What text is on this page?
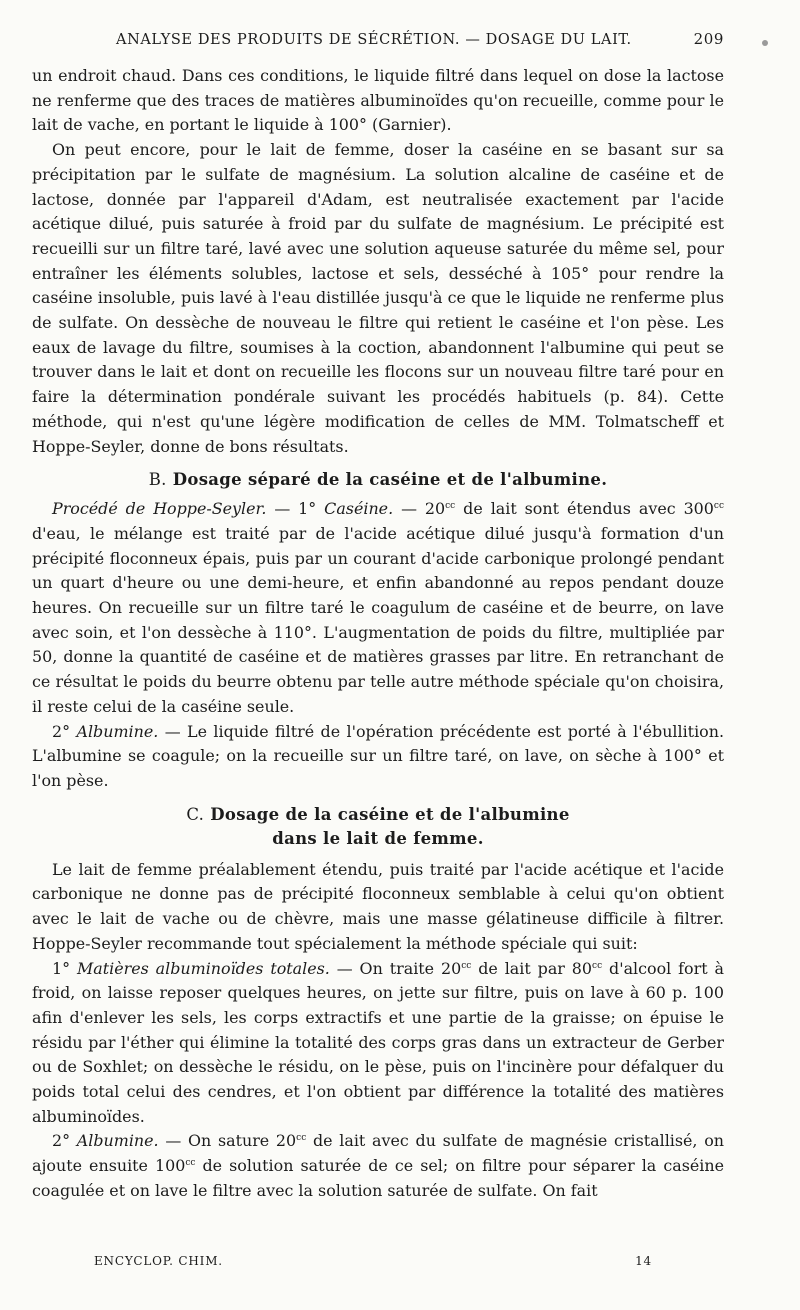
ANALYSE DES PRODUITS DE SÉCRÉTION. — DOSAGE DU LAIT.	209

un endroit chaud. Dans ces conditions, le liquide filtré dans lequel on dose la lactose ne renferme que des traces de matières albuminoïdes qu'on recueille, comme pour le lait de vache, en portant le liquide à 100° (Garnier).

On peut encore, pour le lait de femme, doser la caséine en se basant sur sa précipitation par le sulfate de magnésium. La solution alcaline de caséine et de lactose, donnée par l'appareil d'Adam, est neutralisée exactement par l'acide acétique dilué, puis saturée à froid par du sulfate de magnésium. Le précipité est recueilli sur un filtre taré, lavé avec une solution aqueuse saturée du même sel, pour entraîner les éléments solubles, lactose et sels, desséché à 105° pour rendre la caséine insoluble, puis lavé à l'eau distillée jusqu'à ce que le liquide ne renferme plus de sulfate. On dessèche de nouveau le filtre qui retient le caséine et l'on pèse. Les eaux de lavage du filtre, soumises à la coction, abandonnent l'albumine qui peut se trouver dans le lait et dont on recueille les flocons sur un nouveau filtre taré pour en faire la détermination pondérale suivant les procédés habituels (p. 84). Cette méthode, qui n'est qu'une légère modification de celles de MM. Tolmatscheff et Hoppe-Seyler, donne de bons résultats.

B. Dosage séparé de la caséine et de l'albumine.

Procédé de Hoppe-Seyler. — 1° Caséine. — $20^{cc}$ de lait sont étendus avec $300^{cc}$ d'eau, le mélange est traité par de l'acide acétique dilué jusqu'à formation d'un précipité floconneux épais, puis par un courant d'acide carbonique prolongé pendant un quart d'heure ou une demi-heure, et enfin abandonné au repos pendant douze heures. On recueille sur un filtre taré le coagulum de caséine et de beurre, on lave avec soin, et l'on dessèche à 110°. L'augmentation de poids du filtre, multipliée par 50, donne la quantité de caséine et de matières grasses par litre. En retranchant de ce résultat le poids du beurre obtenu par telle autre méthode spéciale qu'on choisira, il reste celui de la caséine seule.

2° Albumine. — Le liquide filtré de l'opération précédente est porté à l'ébullition. L'albumine se coagule; on la recueille sur un filtre taré, on lave, on sèche à 100° et l'on pèse.

C. Dosage de la caséine et de l'albumine
dans le lait de femme.

Le lait de femme préalablement étendu, puis traité par l'acide acétique et l'acide carbonique ne donne pas de précipité floconneux semblable à celui qu'on obtient avec le lait de vache ou de chèvre, mais une masse gélatineuse difficile à filtrer. Hoppe-Seyler recommande tout spécialement la méthode spéciale qui suit:

1° Matières albuminoïdes totales. — On traite $20^{cc}$ de lait par $80^{cc}$ d'alcool fort à froid, on laisse reposer quelques heures, on jette sur filtre, puis on lave à 60 p. 100 afin d'enlever les sels, les corps extractifs et une partie de la graisse; on épuise le résidu par l'éther qui élimine la totalité des corps gras dans un extracteur de Gerber ou de Soxhlet; on dessèche le résidu, on le pèse, puis on l'incinère pour défalquer du poids total celui des cendres, et l'on obtient par différence la totalité des matières albuminoïdes.

2° Albumine. — On sature $20^{cc}$ de lait avec du sulfate de magnésie cristallisé, on ajoute ensuite $100^{cc}$ de solution saturée de ce sel; on filtre pour séparer la caséine coagulée et on lave le filtre avec la solution saturée de sulfate. On fait

ENCYCLOP. CHIM.	14
